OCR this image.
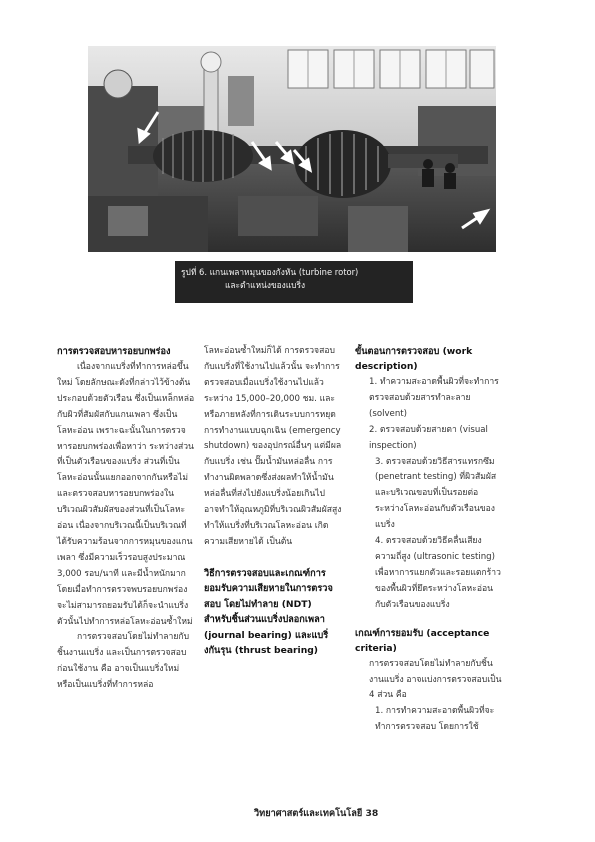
รูปที่ 6. แกนเพลาหมุนของกังหัน (turbine rotor)
และตำแหน่งของแบริ่ง
การตรวจสอบหารอยบกพร่อง

เนื่องจากแบริ่งที่ทำการหล่อขึ้นใหม่ โดยลักษณะดังที่กล่าวไว้ข้างต้นประกอบด้วยตัวเรือน ซึ่งเป็นเหล็กหล่อกับผิวที่สัมผัสกับแกนเพลา ซึ่งเป็นโลหะอ่อน เพราะฉะนั้นในการตรวจหารอยบกพร่องเพื่อหาว่า ระหว่างส่วนที่เป็นตัวเรือนของแบริ่ง ส่วนที่เป็นโลหะอ่อนนั้นแยกออกจากกันหรือไม่ และตรวจสอบหารอยบกพร่องในบริเวณผิวสัมผัสของส่วนที่เป็นโลหะอ่อน เนื่องจากบริเวณนี้เป็นบริเวณที่ได้รับความร้อนจากการหมุนของแกนเพลา ซึ่งมีความเร็วรอบสูงประมาณ 3,000 รอบ/นาที และมีน้ำหนักมาก โดยเมื่อทำการตรวจพบรอยบกพร่องจะไม่สามารถยอมรับได้ก็จะนำแบริ่งตัวนั้นไปทำการหล่อโลหะอ่อนซ้ำใหม่

การตรวจสอบโดยไม่ทำลายกับชิ้นงานแบริ่ง และเป็นการตรวจสอบก่อนใช้งาน คือ อาจเป็นแบริ่งใหม่ หรือเป็นแบริ่งที่ทำการหล่อ

โลหะอ่อนซ้ำใหม่ก็ได้ การตรวจสอบกับแบริ่งที่ใช้งานไปแล้วนั้น จะทำการตรวจสอบเมื่อแบริ่งใช้งานไปแล้วระหว่าง 15,000–20,000 ชม. และหรือภายหลังที่การเดินระบบการหยุดการทำงานแบบฉุกเฉิน (emergency shutdown) ของอุปกรณ์อื่นๆ แต่มีผลกับแบริ่ง เช่น ปั๊มน้ำมันหล่อลื่น การทำงานผิดพลาดซึ่งส่งผลทำให้น้ำมันหล่อลื่นที่ส่งไปยังแบริ่งน้อยเกินไป อาจทำให้อุณหภูมิที่บริเวณผิวสัมผัสสูง ทำให้แบริ่งที่บริเวณโลหะอ่อน เกิดความเสียหายได้ เป็นต้น

วิธีการตรวจสอบและเกณฑ์การยอมรับความเสียหายในการตรวจสอบ โดยไม่ทำลาย (NDT) สำหรับชิ้นส่วนแบริ่งปลอกเพลา (journal bearing) และแบริ่งกันรุน (thrust bearing)
ขั้นตอนการตรวจสอบ (work description)

1. ทำความสะอาดพื้นผิวที่จะทำการตรวจสอบด้วยสารทำละลาย (solvent)

2. ตรวจสอบด้วยสายตา (visual inspection)

3. ตรวจสอบด้วยวิธีสารแทรกซึม (penetrant testing) ที่ผิวสัมผัส และบริเวณขอบที่เป็นรอยต่อระหว่างโลหะอ่อนกับตัวเรือนของแบริ่ง

4. ตรวจสอบด้วยวิธีคลื่นเสียงความถี่สูง (ultrasonic testing) เพื่อหาการแยกตัวและรอยแตกร้าวของพื้นผิวที่ยึดระหว่างโลหะอ่อนกับตัวเรือนของแบริ่ง

เกณฑ์การยอมรับ (acceptance criteria)

การตรวจสอบโดยไม่ทำลายกับชิ้นงานแบริ่ง อาจแบ่งการตรวจสอบเป็น 4 ส่วน คือ

1. การทำความสะอาดพื้นผิวที่จะทำการตรวจสอบ โดยการใช้

วิทยาศาสตร์และเทคโนโลยี 38
